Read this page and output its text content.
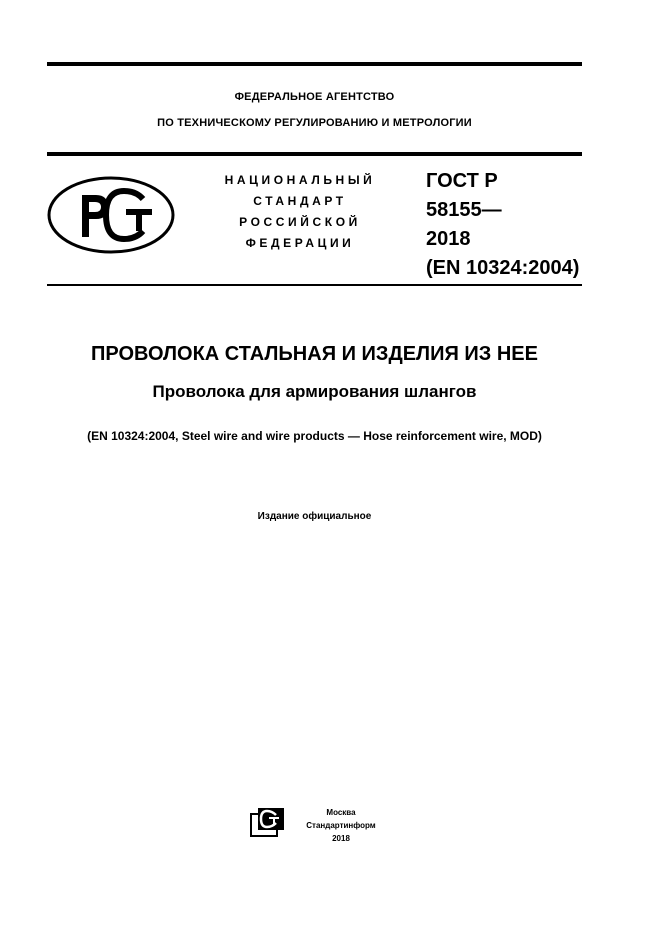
ФЕДЕРАЛЬНОЕ АГЕНТСТВО
ПО ТЕХНИЧЕСКОМУ РЕГУЛИРОВАНИЮ И МЕТРОЛОГИИ
НАЦИОНАЛЬНЫЙ
СТАНДАРТ
РОССИЙСКОЙ
ФЕДЕРАЦИИ
ГОСТ Р
58155—
2018
(EN 10324:2004)
ПРОВОЛОКА СТАЛЬНАЯ И ИЗДЕЛИЯ ИЗ НЕЕ
Проволока для армирования шлангов
(EN 10324:2004, Steel wire and wire products — Hose reinforcement wire, MOD)
Издание официальное
Москва
Стандартинформ
2018
